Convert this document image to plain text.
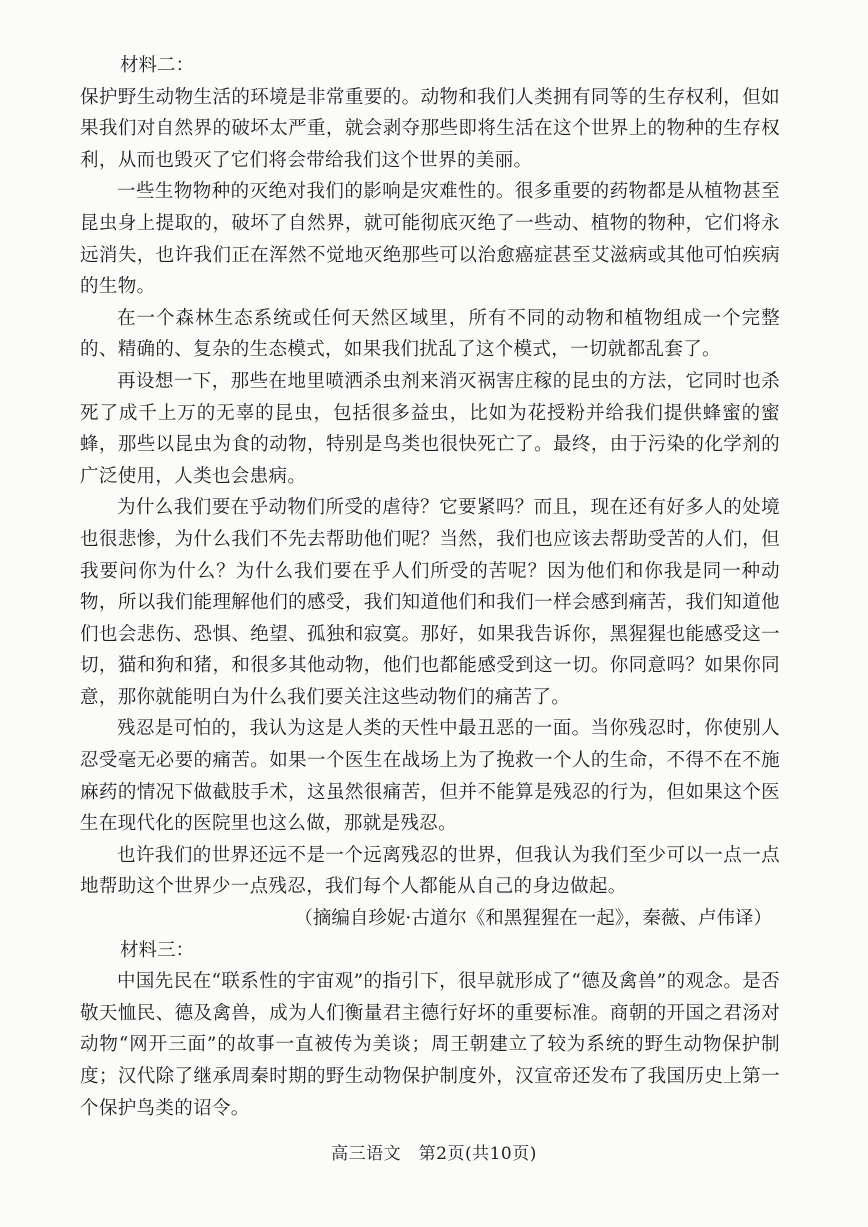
材料二：

保护野生动物生活的环境是非常重要的。动物和我们人类拥有同等的生存权利，但如果我们对自然界的破坏太严重，就会剥夺那些即将生活在这个世界上的物种的生存权利，从而也毁灭了它们将会带给我们这个世界的美丽。

一些生物物种的灭绝对我们的影响是灾难性的。很多重要的药物都是从植物甚至昆虫身上提取的，破坏了自然界，就可能彻底灭绝了一些动、植物的物种，它们将永远消失，也许我们正在浑然不觉地灭绝那些可以治愈癌症甚至艾滋病或其他可怕疾病的生物。

在一个森林生态系统或任何天然区域里，所有不同的动物和植物组成一个完整的、精确的、复杂的生态模式，如果我们扰乱了这个模式，一切就都乱套了。

再设想一下，那些在地里喷洒杀虫剂来消灭祸害庄稼的昆虫的方法，它同时也杀死了成千上万的无辜的昆虫，包括很多益虫，比如为花授粉并给我们提供蜂蜜的蜜蜂，那些以昆虫为食的动物，特别是鸟类也很快死亡了。最终，由于污染的化学剂的广泛使用，人类也会患病。

为什么我们要在乎动物们所受的虐待？它要紧吗？而且，现在还有好多人的处境也很悲惨，为什么我们不先去帮助他们呢？当然，我们也应该去帮助受苦的人们，但我要问你为什么？为什么我们要在乎人们所受的苦呢？因为他们和你我是同一种动物，所以我们能理解他们的感受，我们知道他们和我们一样会感到痛苦，我们知道他们也会悲伤、恐惧、绝望、孤独和寂寞。那好，如果我告诉你，黑猩猩也能感受这一切，猫和狗和猪，和很多其他动物，他们也都能感受到这一切。你同意吗？如果你同意，那你就能明白为什么我们要关注这些动物们的痛苦了。

残忍是可怕的，我认为这是人类的天性中最丑恶的一面。当你残忍时，你使别人忍受毫无必要的痛苦。如果一个医生在战场上为了挽救一个人的生命，不得不在不施麻药的情况下做截肢手术，这虽然很痛苦，但并不能算是残忍的行为，但如果这个医生在现代化的医院里也这么做，那就是残忍。

也许我们的世界还远不是一个远离残忍的世界，但我认为我们至少可以一点一点地帮助这个世界少一点残忍，我们每个人都能从自己的身边做起。

（摘编自珍妮·古道尔《和黑猩猩在一起》，秦薇、卢伟译）
材料三：

中国先民在“联系性的宇宙观”的指引下，很早就形成了“德及禽兽”的观念。是否敬天恤民、德及禽兽，成为人们衡量君主德行好坏的重要标准。商朝的开国之君汤对动物“网开三面”的故事一直被传为美谈；周王朝建立了较为系统的野生动物保护制度；汉代除了继承周秦时期的野生动物保护制度外，汉宣帝还发布了我国历史上第一个保护鸟类的诏令。

高三语文　第2页(共10页)
